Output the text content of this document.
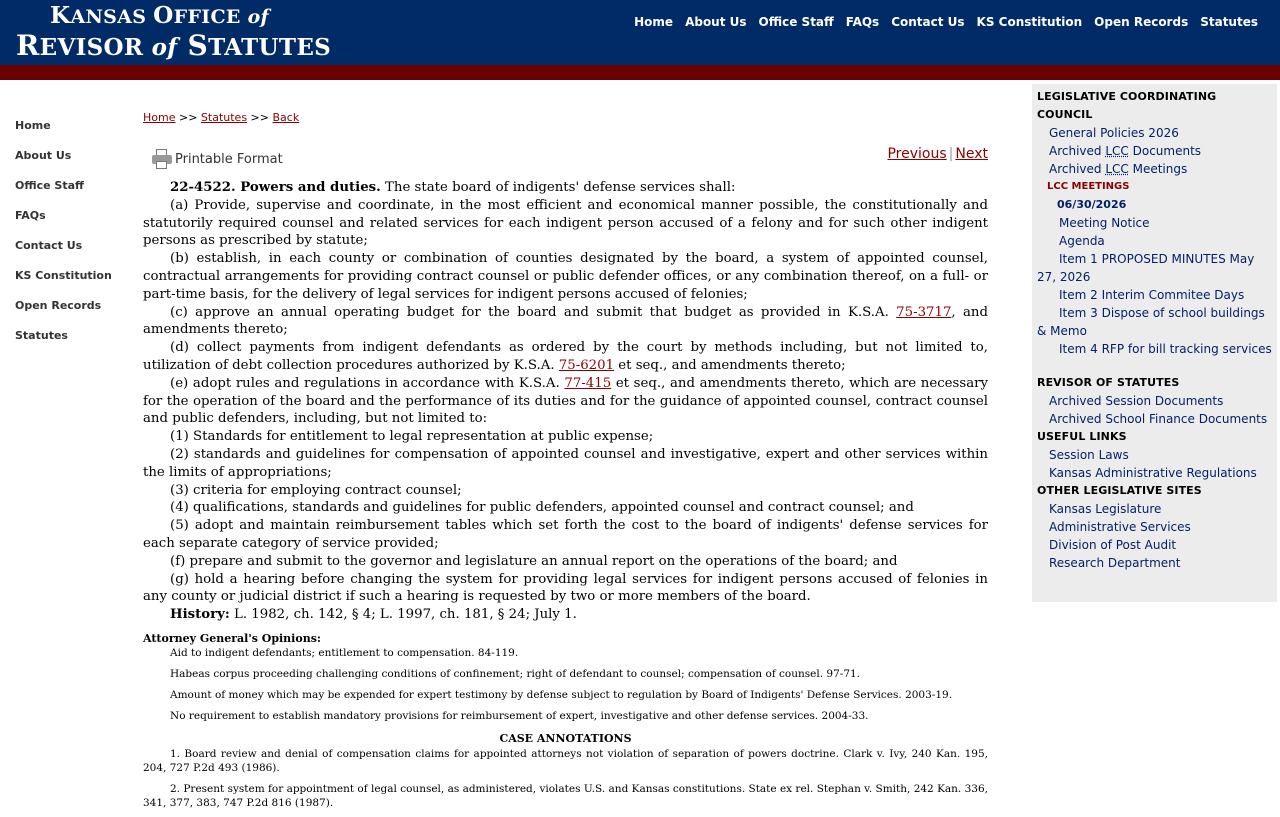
KANSAS OFFICE of
REVISOR of STATUTES
Home About Us Office Staff FAQs Contact Us KS Constitution Open Records Statutes
Home
About Us
Office Staff
FAQs
Contact Us
KS Constitution
Open Records
Statutes
Home >> Statutes >> Back
Printable Format	Previous | Next

22-4522. Powers and duties. The state board of indigents' defense services shall:

(a) Provide, supervise and coordinate, in the most efficient and economical manner possible, the constitutionally and statutorily required counsel and related services for each indigent person accused of a felony and for such other indigent persons as prescribed by statute;

(b) establish, in each county or combination of counties designated by the board, a system of appointed counsel, contractual arrangements for providing contract counsel or public defender offices, or any combination thereof, on a full- or part-time basis, for the delivery of legal services for indigent persons accused of felonies;

(c) approve an annual operating budget for the board and submit that budget as provided in K.S.A. 75-3717, and amendments thereto;

(d) collect payments from indigent defendants as ordered by the court by methods including, but not limited to, utilization of debt collection procedures authorized by K.S.A. 75-6201 et seq., and amendments thereto;

(e) adopt rules and regulations in accordance with K.S.A. 77-415 et seq., and amendments thereto, which are necessary for the operation of the board and the performance of its duties and for the guidance of appointed counsel, contract counsel and public defenders, including, but not limited to:

(1) Standards for entitlement to legal representation at public expense;

(2) standards and guidelines for compensation of appointed counsel and investigative, expert and other services within the limits of appropriations;

(3) criteria for employing contract counsel;

(4) qualifications, standards and guidelines for public defenders, appointed counsel and contract counsel; and

(5) adopt and maintain reimbursement tables which set forth the cost to the board of indigents' defense services for each separate category of service provided;

(f) prepare and submit to the governor and legislature an annual report on the operations of the board; and

(g) hold a hearing before changing the system for providing legal services for indigent persons accused of felonies in any county or judicial district if such a hearing is requested by two or more members of the board.

History: L. 1982, ch. 142, § 4; L. 1997, ch. 181, § 24; July 1.

Attorney General's Opinions:

Aid to indigent defendants; entitlement to compensation. 84-119.

Habeas corpus proceeding challenging conditions of confinement; right of defendant to counsel; compensation of counsel. 97-71.

Amount of money which may be expended for expert testimony by defense subject to regulation by Board of Indigents' Defense Services. 2003-19.

No requirement to establish mandatory provisions for reimbursement of expert, investigative and other defense services. 2004-33.

CASE ANNOTATIONS

1. Board review and denial of compensation claims for appointed attorneys not violation of separation of powers doctrine. Clark v. Ivy, 240 Kan. 195, 204, 727 P.2d 493 (1986).

2. Present system for appointment of legal counsel, as administered, violates U.S. and Kansas constitutions. State ex rel. Stephan v. Smith, 242 Kan. 336, 341, 377, 383, 747 P.2d 816 (1987).

LEGISLATIVE COORDINATING COUNCIL
General Policies 2026
Archived LCC Documents
Archived LCC Meetings
LCC MEETINGS
06/30/2026
Meeting Notice
Agenda
Item 1 PROPOSED MINUTES May 27, 2026
Item 2 Interim Commitee Days
Item 3 Dispose of school buildings & Memo
Item 4 RFP for bill tracking services
REVISOR OF STATUTES
Archived Session Documents
Archived School Finance Documents
USEFUL LINKS
Session Laws
Kansas Administrative Regulations
OTHER LEGISLATIVE SITES
Kansas Legislature
Administrative Services
Division of Post Audit
Research Department
